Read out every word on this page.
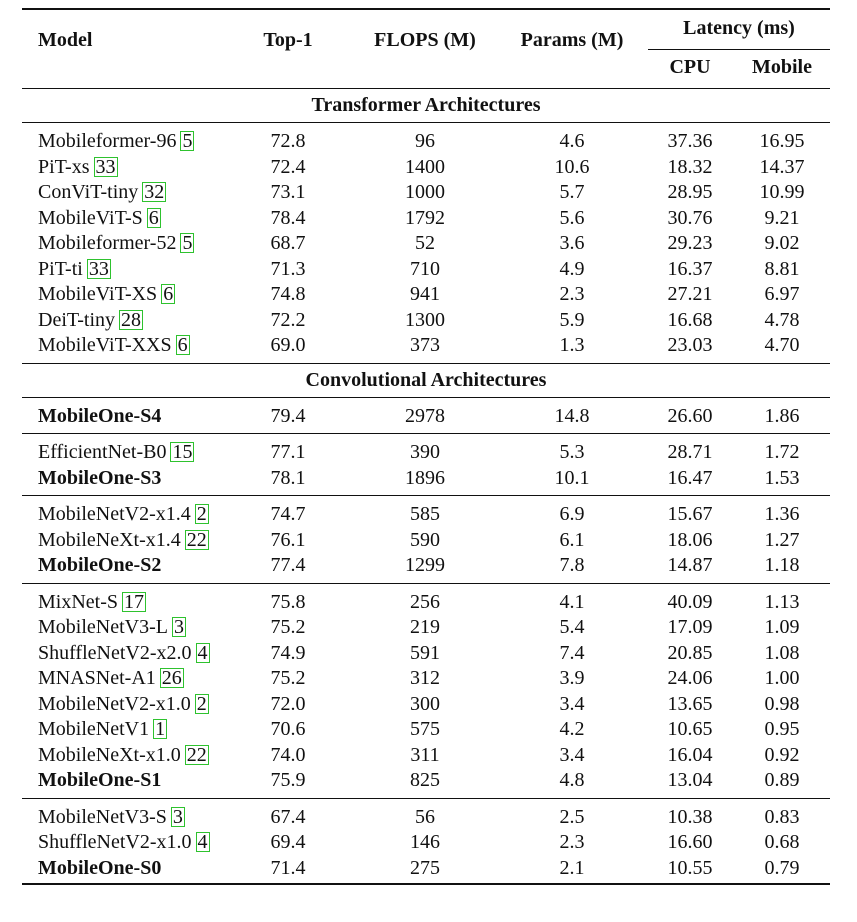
Model	Top-1	FLOPS (M)	Params (M)
Latency (ms)
CPU	Mobile
Transformer Architectures
Mobileformer-96 5	72.8	96	4.6	37.36	16.95
PiT-xs 33	72.4	1400	10.6	18.32	14.37
ConViT-tiny 32	73.1	1000	5.7	28.95	10.99
MobileViT-S 6	78.4	1792	5.6	30.76	9.21
Mobileformer-52 5	68.7	52	3.6	29.23	9.02
PiT-ti 33	71.3	710	4.9	16.37	8.81
MobileViT-XS 6	74.8	941	2.3	27.21	6.97
DeiT-tiny 28	72.2	1300	5.9	16.68	4.78
MobileViT-XXS 6	69.0	373	1.3	23.03	4.70
Convolutional Architectures
MobileOne-S4	79.4	2978	14.8	26.60	1.86
EfficientNet-B0 15	77.1	390	5.3	28.71	1.72
MobileOne-S3	78.1	1896	10.1	16.47	1.53
MobileNetV2-x1.4 2	74.7	585	6.9	15.67	1.36
MobileNeXt-x1.4 22	76.1	590	6.1	18.06	1.27
MobileOne-S2	77.4	1299	7.8	14.87	1.18
MixNet-S 17	75.8	256	4.1	40.09	1.13
MobileNetV3-L 3	75.2	219	5.4	17.09	1.09
ShuffleNetV2-x2.0 4	74.9	591	7.4	20.85	1.08
MNASNet-A1 26	75.2	312	3.9	24.06	1.00
MobileNetV2-x1.0 2	72.0	300	3.4	13.65	0.98
MobileNetV1 1	70.6	575	4.2	10.65	0.95
MobileNeXt-x1.0 22	74.0	311	3.4	16.04	0.92
MobileOne-S1	75.9	825	4.8	13.04	0.89
MobileNetV3-S 3	67.4	56	2.5	10.38	0.83
ShuffleNetV2-x1.0 4	69.4	146	2.3	16.60	0.68
MobileOne-S0	71.4	275	2.1	10.55	0.79
